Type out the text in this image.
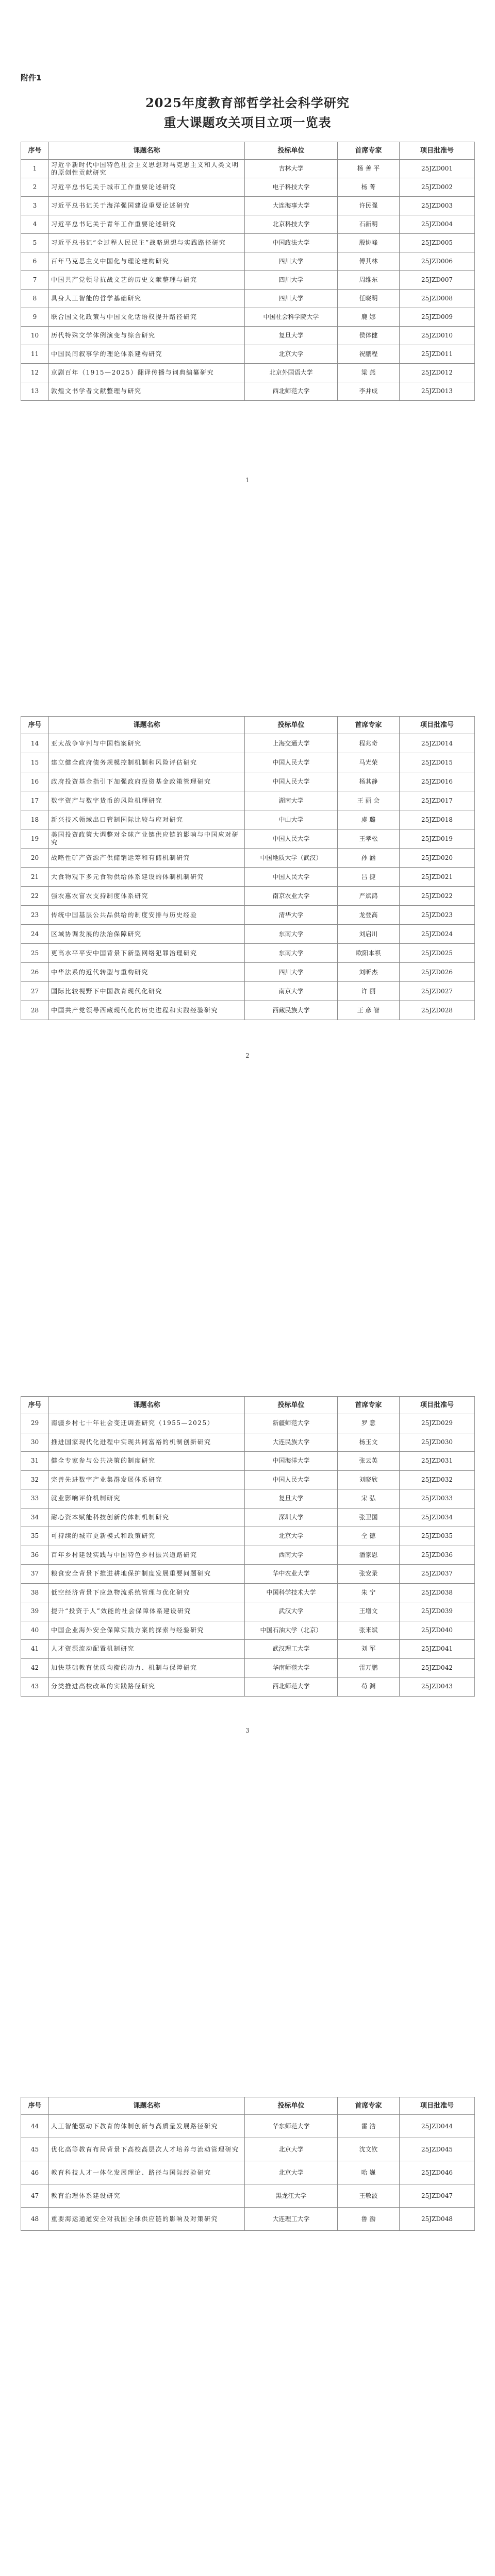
附件1
2025年度教育部哲学社会科学研究
重大课题攻关项目立项一览表
序号	课题名称	投标单位	首席专家	项目批准号
1	习近平新时代中国特色社会主义思想对马克思主义和人类文明的原创性贡献研究	吉林大学	杨 善 平	25JZD001
2	习近平总书记关于城市工作重要论述研究	电子科技大学	杨 菁	25JZD002
3	习近平总书记关于海洋强国建设重要论述研究	大连海事大学	许民强	25JZD003
4	习近平总书记关于青年工作重要论述研究	北京科技大学	石新明	25JZD004
5	习近平总书记“全过程人民民主”战略思想与实践路径研究	中国政法大学	殷协峰	25JZD005
6	百年马克思主义中国化与理论建构研究	四川大学	傅其林	25JZD006
7	中国共产党领导抗战文艺的历史文献整理与研究	四川大学	周维东	25JZD007
8	具身人工智能的哲学基础研究	四川大学	任晓明	25JZD008
9	联合国文化政策与中国文化话语权提升路径研究	中国社会科学院大学	鹿 娜	25JZD009
10	历代特殊文学体例演变与综合研究	复旦大学	侯体健	25JZD010
11	中国民间叙事学的理论体系建构研究	北京大学	祝鹏程	25JZD011
12	京剧百年（1915—2025）翻译传播与词典编纂研究	北京外国语大学	梁 燕	25JZD012
13	敦煌文书学者文献整理与研究	西北师范大学	李并成	25JZD013
1
序号	课题名称	投标单位	首席专家	项目批准号
14	亚太战争审判与中国档案研究	上海交通大学	程兆奇	25JZD014
15	建立健全政府债务规模控制机制和风险评估研究	中国人民大学	马光荣	25JZD015
16	政府投资基金指引下加强政府投资基金政策管理研究	中国人民大学	杨其静	25JZD016
17	数字资产与数字货币的风险机理研究	湖南大学	王 丽 会	25JZD017
18	新兴技术领域出口管制国际比较与应对研究	中山大学	虞 璐	25JZD018
19	美国投资政策大调整对全球产业链供应链的影响与中国应对研究	中国人民大学	王孝松	25JZD019
20	战略性矿产资源产供储销运筹和有储机制研究	中国地质大学（武汉）	孙 涵	25JZD020
21	大食物观下多元食物供给体系建设的体制机制研究	中国人民大学	吕 捷	25JZD021
22	强农惠农富农支持制度体系研究	南京农业大学	严斌鸿	25JZD022
23	传统中国基层公共品供给的制度安排与历史经验	清华大学	龙登高	25JZD023
24	区域协调发展的法治保障研究	东南大学	刘启川	25JZD024
25	更高水平平安中国背景下新型网络犯罪治理研究	东南大学	欧阳本祺	25JZD025
26	中华法系的近代转型与重构研究	四川大学	刘昕杰	25JZD026
27	国际比较视野下中国教育现代化研究	南京大学	许 丽	25JZD027
28	中国共产党领导西藏现代化的历史进程和实践经验研究	西藏民族大学	王 彦 智	25JZD028
2
序号	课题名称	投标单位	首席专家	项目批准号
29	南疆乡村七十年社会变迁调查研究（1955—2025）	新疆师范大学	罗 意	25JZD029
30	推进国家现代化进程中实现共同富裕的机制创新研究	大连民族大学	杨玉文	25JZD030
31	健全专家参与公共决策的制度研究	中国海洋大学	张云英	25JZD031
32	完善先进数字产业集群发展体系研究	中国人民大学	刘晓欣	25JZD032
33	就业影响评价机制研究	复旦大学	宋 弘	25JZD033
34	耐心资本赋能科技创新的体制机制研究	深圳大学	张卫国	25JZD034
35	可持续的城市更新模式和政策研究	北京大学	仝 德	25JZD035
36	百年乡村建设实践与中国特色乡村振兴道路研究	西南大学	潘家恩	25JZD036
37	粮食安全背景下推进耕地保护制度发展重要问题研究	华中农业大学	张安录	25JZD037
38	低空经济背景下应急物流系统管理与优化研究	中国科学技术大学	朱 宁	25JZD038
39	提升“投资于人”效能的社会保障体系建设研究	武汉大学	王增文	25JZD039
40	中国企业海外安全保障实践方案的探索与经验研究	中国石油大学（北京）	张来斌	25JZD040
41	人才资源流动配置机制研究	武汉理工大学	刘 军	25JZD041
42	加快基础教育优质均衡的动力、机制与保障研究	华南师范大学	雷万鹏	25JZD042
43	分类推进高校改革的实践路径研究	西北师范大学	荀 渊	25JZD043
3
序号	课题名称	投标单位	首席专家	项目批准号
44	人工智能驱动下教育的体制创新与高质量发展路径研究	华东师范大学	雷 浩	25JZD044
45	优化高等教育布局背景下高校高层次人才培养与流动管理研究	北京大学	沈文钦	25JZD045
46	教育科技人才一体化发展理论、路径与国际经验研究	北京大学	哈 巍	25JZD046
47	教育治理体系建设研究	黑龙江大学	王敬波	25JZD047
48	重要海运通道安全对我国全球供应链的影响及对策研究	大连理工大学	鲁 渤	25JZD048
